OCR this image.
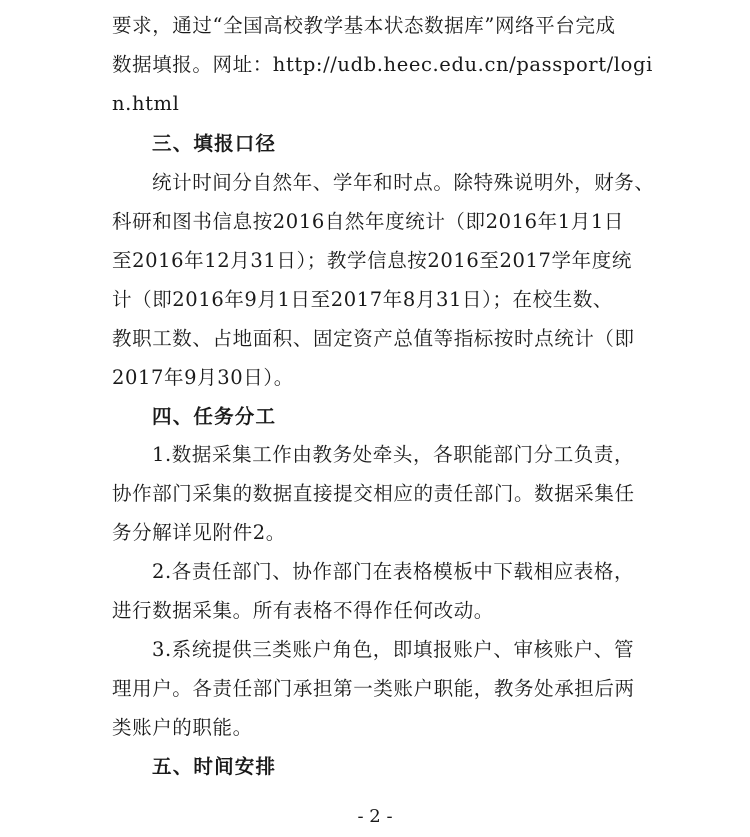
要求，通过“全国高校教学基本状态数据库”网络平台完成
数据填报。网址：http://udb.heec.edu.cn/passport/logi
n.html
三、填报口径
统计时间分自然年、学年和时点。除特殊说明外，财务、
科研和图书信息按2016自然年度统计（即2016年1月1日
至2016年12月31日）；教学信息按2016至2017学年度统
计（即2016年9月1日至2017年8月31日）；在校生数、
教职工数、占地面积、固定资产总值等指标按时点统计（即
2017年9月30日）。
四、任务分工
1.数据采集工作由教务处牵头，各职能部门分工负责，
协作部门采集的数据直接提交相应的责任部门。数据采集任
务分解详见附件2。
2.各责任部门、协作部门在表格模板中下载相应表格，
进行数据采集。所有表格不得作任何改动。
3.系统提供三类账户角色，即填报账户、审核账户、管
理用户。各责任部门承担第一类账户职能，教务处承担后两
类账户的职能。
五、时间安排
- 2 -
